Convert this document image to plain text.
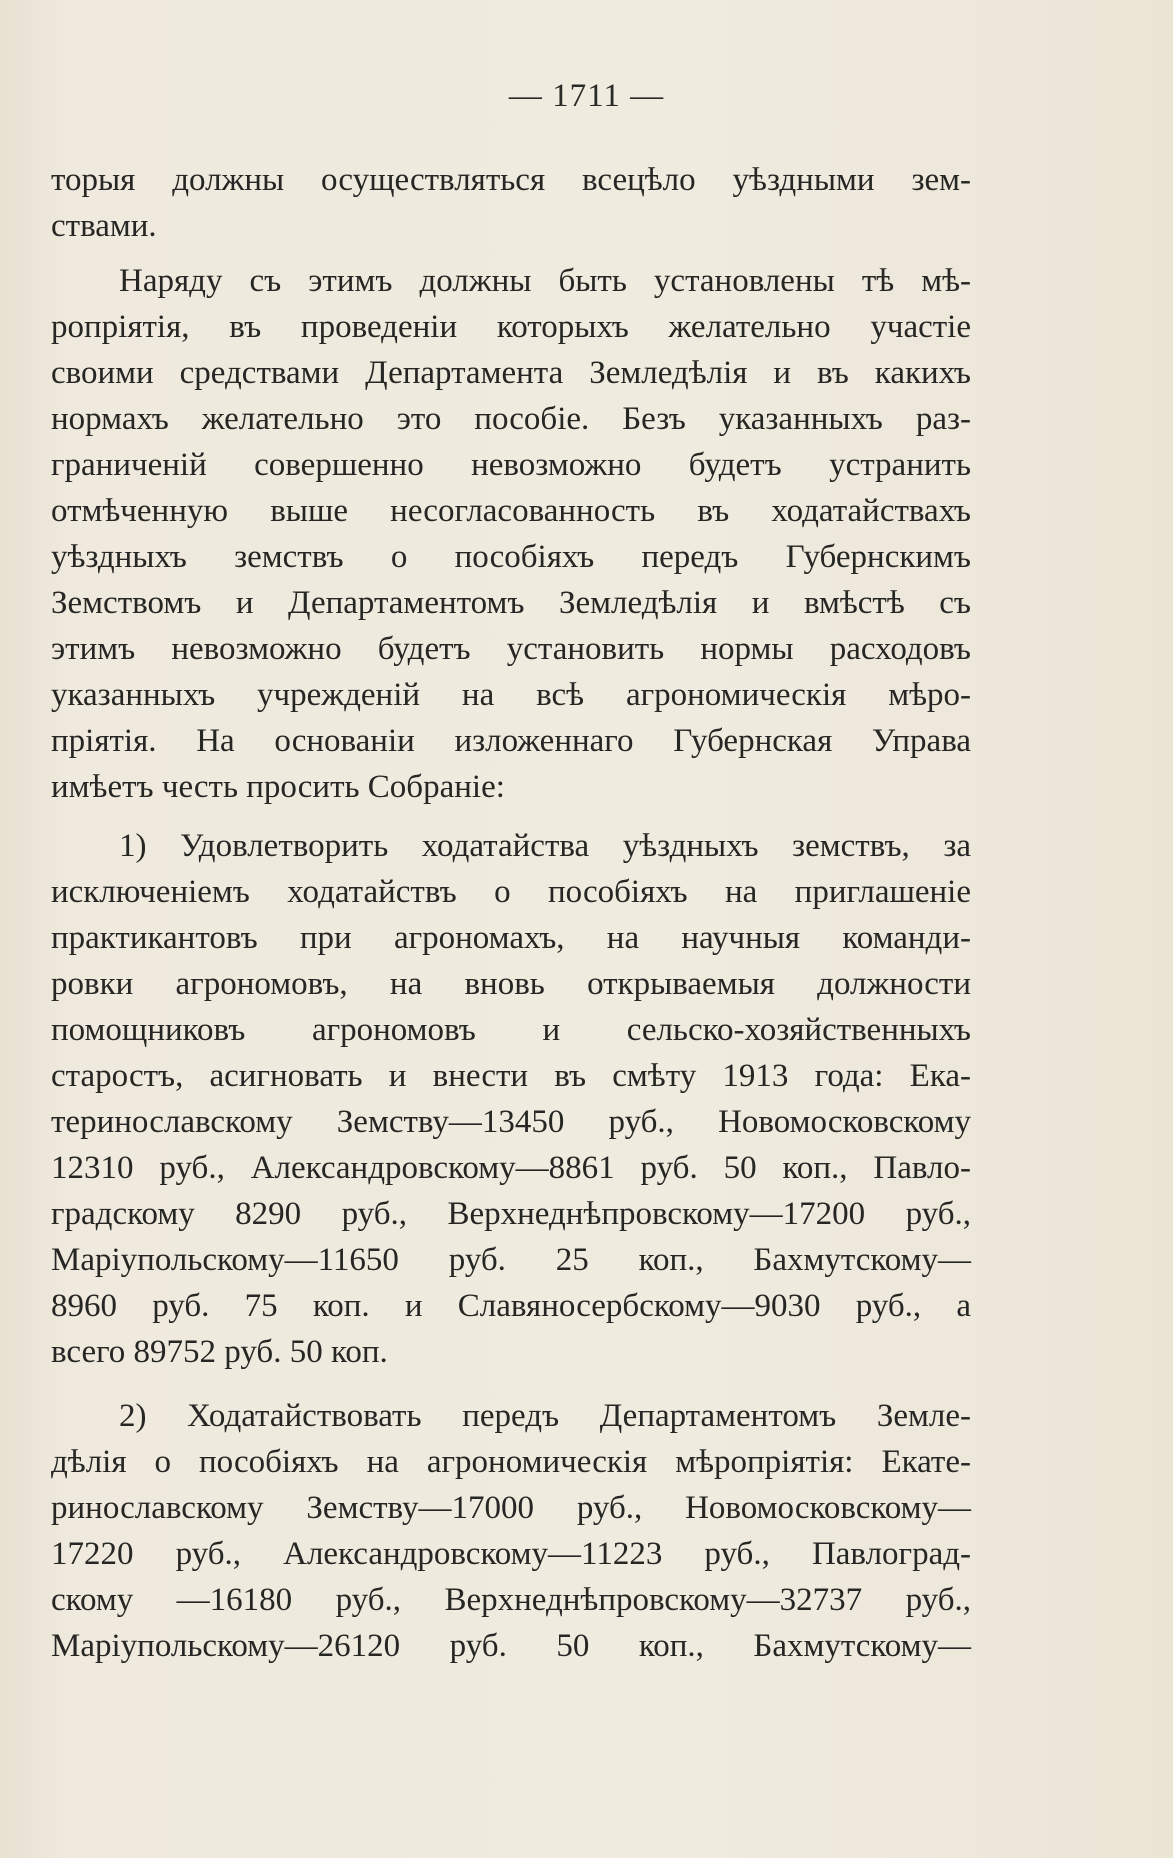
— 1711 —
торыя должны осуществляться всецѣло уѣздными зем-
ствами.
Наряду съ этимъ должны быть установлены тѣ мѣ-
ропріятія, въ проведеніи которыхъ желательно участіе
своими средствами Департамента Земледѣлія и въ какихъ
нормахъ желательно это пособіе. Безъ указанныхъ раз-
граниченій совершенно невозможно будетъ устранить
отмѣченную выше несогласованность въ ходатайствахъ
уѣздныхъ земствъ о пособіяхъ передъ Губернскимъ
Земствомъ и Департаментомъ Земледѣлія и вмѣстѣ съ
этимъ невозможно будетъ установить нормы расходовъ
указанныхъ учрежденій на всѣ агрономическія мѣро-
пріятія. На основаніи изложеннаго Губернская Управа
имѣетъ честь просить Собраніе:
1) Удовлетворить ходатайства уѣздныхъ земствъ, за
исключеніемъ ходатайствъ о пособіяхъ на приглашеніе
практикантовъ при агрономахъ, на научныя команди-
ровки агрономовъ, на вновь открываемыя должности
помощниковъ агрономовъ и сельско-хозяйственныхъ
старостъ, асигновать и внести въ смѣту 1913 года: Ека-
теринославскому Земству—13450 руб., Новомосковскому
12310 руб., Александровскому—8861 руб. 50 коп., Павло-
градскому 8290 руб., Верхнеднѣпровскому—17200 руб.,
Маріупольскому—11650 руб. 25 коп., Бахмутскому—
8960 руб. 75 коп. и Славяносербскому—9030 руб., а
всего 89752 руб. 50 коп.
2) Ходатайствовать передъ Департаментомъ Земле-
дѣлія о пособіяхъ на агрономическія мѣропріятія: Екате-
ринославскому Земству—17000 руб., Новомосковскому—
17220 руб., Александровскому—11223 руб., Павлоград-
скому —16180 руб., Верхнеднѣпровскому—32737 руб.,
Маріупольскому—26120 руб. 50 коп., Бахмутскому—
